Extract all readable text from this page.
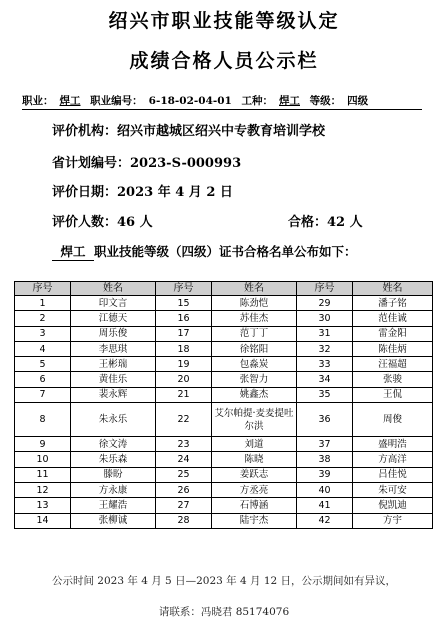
绍兴市职业技能等级认定
成绩合格人员公示栏
职业： 焊工 职业编号： 6-18-02-04-01 工种： 焊工 等级： 四级
评价机构：绍兴市越城区绍兴中专教育培训学校
省计划编号：2023-S-000993
评价日期：2023 年 4 月 2 日
评价人数：46 人	合格：42 人
焊工 职业技能等级（四级）证书合格名单公布如下：
序号	姓名	序号	姓名	序号	姓名
1	印文言	15	陈劲恺	29	潘子铭
2	江德天	16	苏佳杰	30	范佳诚
3	周乐俊	17	范丁丁	31	雷金阳
4	李思琪	18	徐铭阳	32	陈佳炳
5	王彬瑞	19	包淼炭	33	汪福超
6	黄佳乐	20	张智力	34	张骏
7	裴永辉	21	姚鑫杰	35	王侃
8	朱永乐	22	艾尔帕提·麦麦提吐尔洪	36	周俊
9	徐文涛	23	刘道	37	盛明浩
10	朱乐森	24	陈晓	38	方高洋
11	滕盼	25	姜跃志	39	吕佳悦
12	方永康	26	方丞亮	40	朱可安
13	王耀浩	27	石博涵	41	倪凯迪
14	张柳诚	28	陆宇杰	42	方宇
公示时间 2023 年 4 月 5 日—2023 年 4 月 12 日，公示期间如有异议，
请联系：冯晓君 85174076
